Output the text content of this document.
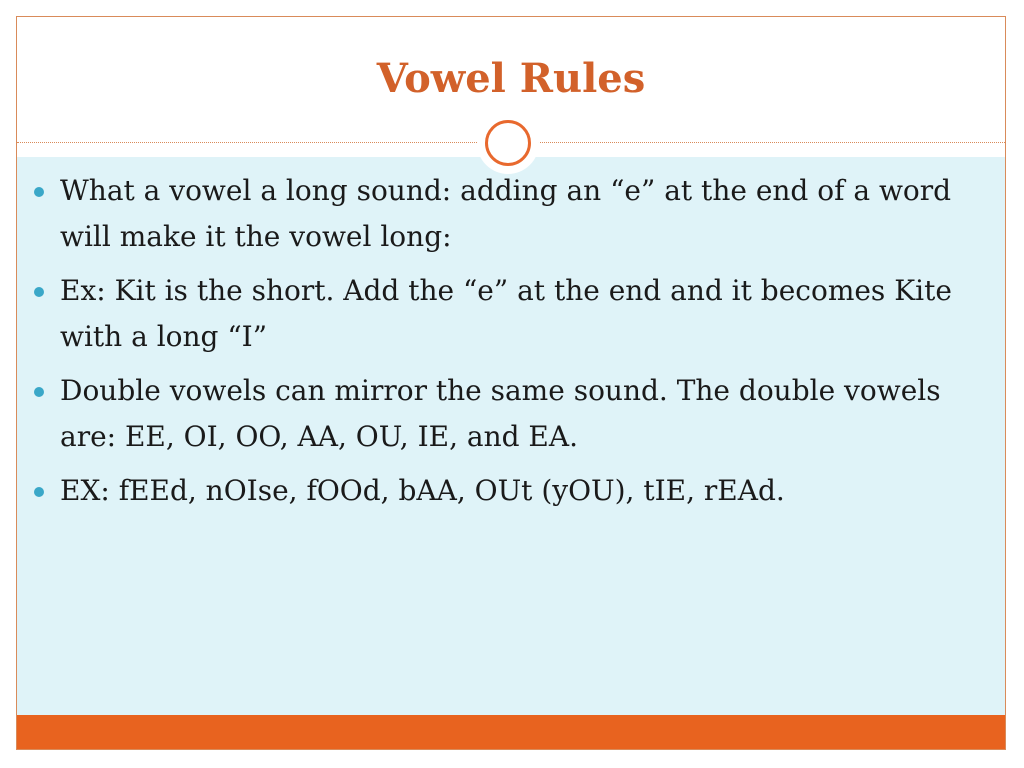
Vowel Rules
What a vowel a long sound: adding an “e” at the end of a word will make it the vowel long:
Ex: Kit is the short. Add the “e” at the end and it becomes Kite with a long “I”
Double vowels can mirror the same sound. The double vowels are: EE, OI, OO, AA, OU, IE, and EA.
EX: fEEd, nOIse, fOOd, bAA, OUt (yOU), tIE, rEAd.
